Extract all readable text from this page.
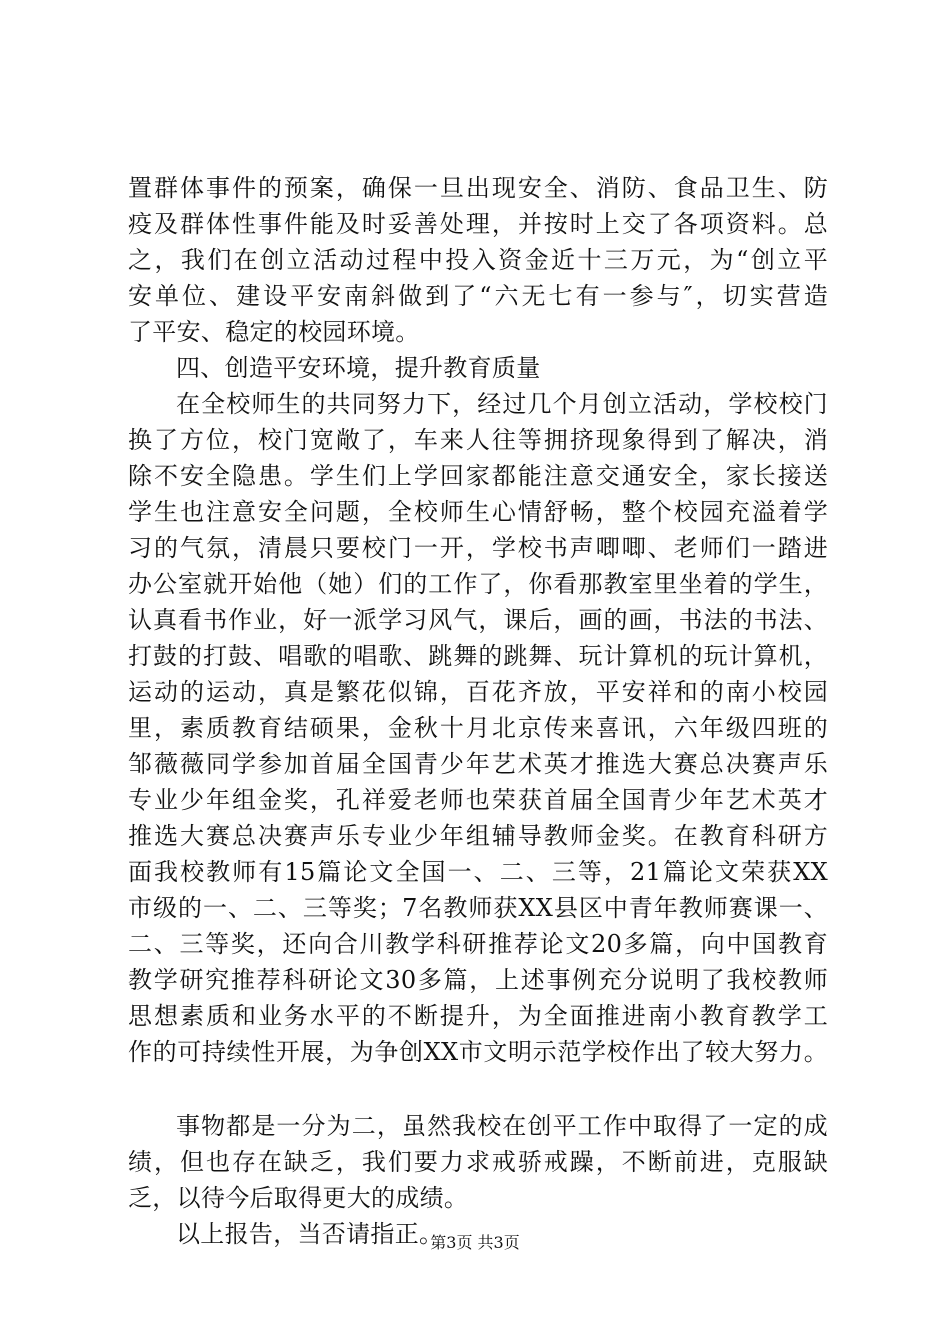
置群体事件的预案，确保一旦出现安全、消防、食品卫生、防
疫及群体性事件能及时妥善处理，并按时上交了各项资料。总
之，我们在创立活动过程中投入资金近十三万元，为“创立平
安单位、建设平安南斜做到了“六无七有一参与″，切实营造
了平安、稳定的校园环境。
四、创造平安环境，提升教育质量
在全校师生的共同努力下，经过几个月创立活动，学校校门
换了方位，校门宽敞了，车来人往等拥挤现象得到了解决，消
除不安全隐患。学生们上学回家都能注意交通安全，家长接送
学生也注意安全问题，全校师生心情舒畅，整个校园充溢着学
习的气氛，清晨只要校门一开，学校书声唧唧、老师们一踏进
办公室就开始他（她）们的工作了，你看那教室里坐着的学生，
认真看书作业，好一派学习风气，课后，画的画，书法的书法、
打鼓的打鼓、唱歌的唱歌、跳舞的跳舞、玩计算机的玩计算机，
运动的运动，真是繁花似锦，百花齐放，平安祥和的南小校园
里，素质教育结硕果，金秋十月北京传来喜讯，六年级四班的
邹薇薇同学参加首届全国青少年艺术英才推选大赛总决赛声乐
专业少年组金奖，孔祥爱老师也荣获首届全国青少年艺术英才
推选大赛总决赛声乐专业少年组辅导教师金奖。在教育科研方
面我校教师有15篇论文全国一、二、三等，21篇论文荣获XX
市级的一、二、三等奖；7名教师获XX县区中青年教师赛课一、
二、三等奖，还向合川教学科研推荐论文20多篇，向中国教育
教学研究推荐科研论文30多篇，上述事例充分说明了我校教师
思想素质和业务水平的不断提升，为全面推进南小教育教学工
作的可持续性开展，为争创XX市文明示范学校作出了较大努力。
事物都是一分为二，虽然我校在创平工作中取得了一定的成
绩，但也存在缺乏，我们要力求戒骄戒躁，不断前进，克服缺
乏，以待今后取得更大的成绩。
以上报告，当否请指正。
第3页 共3页
